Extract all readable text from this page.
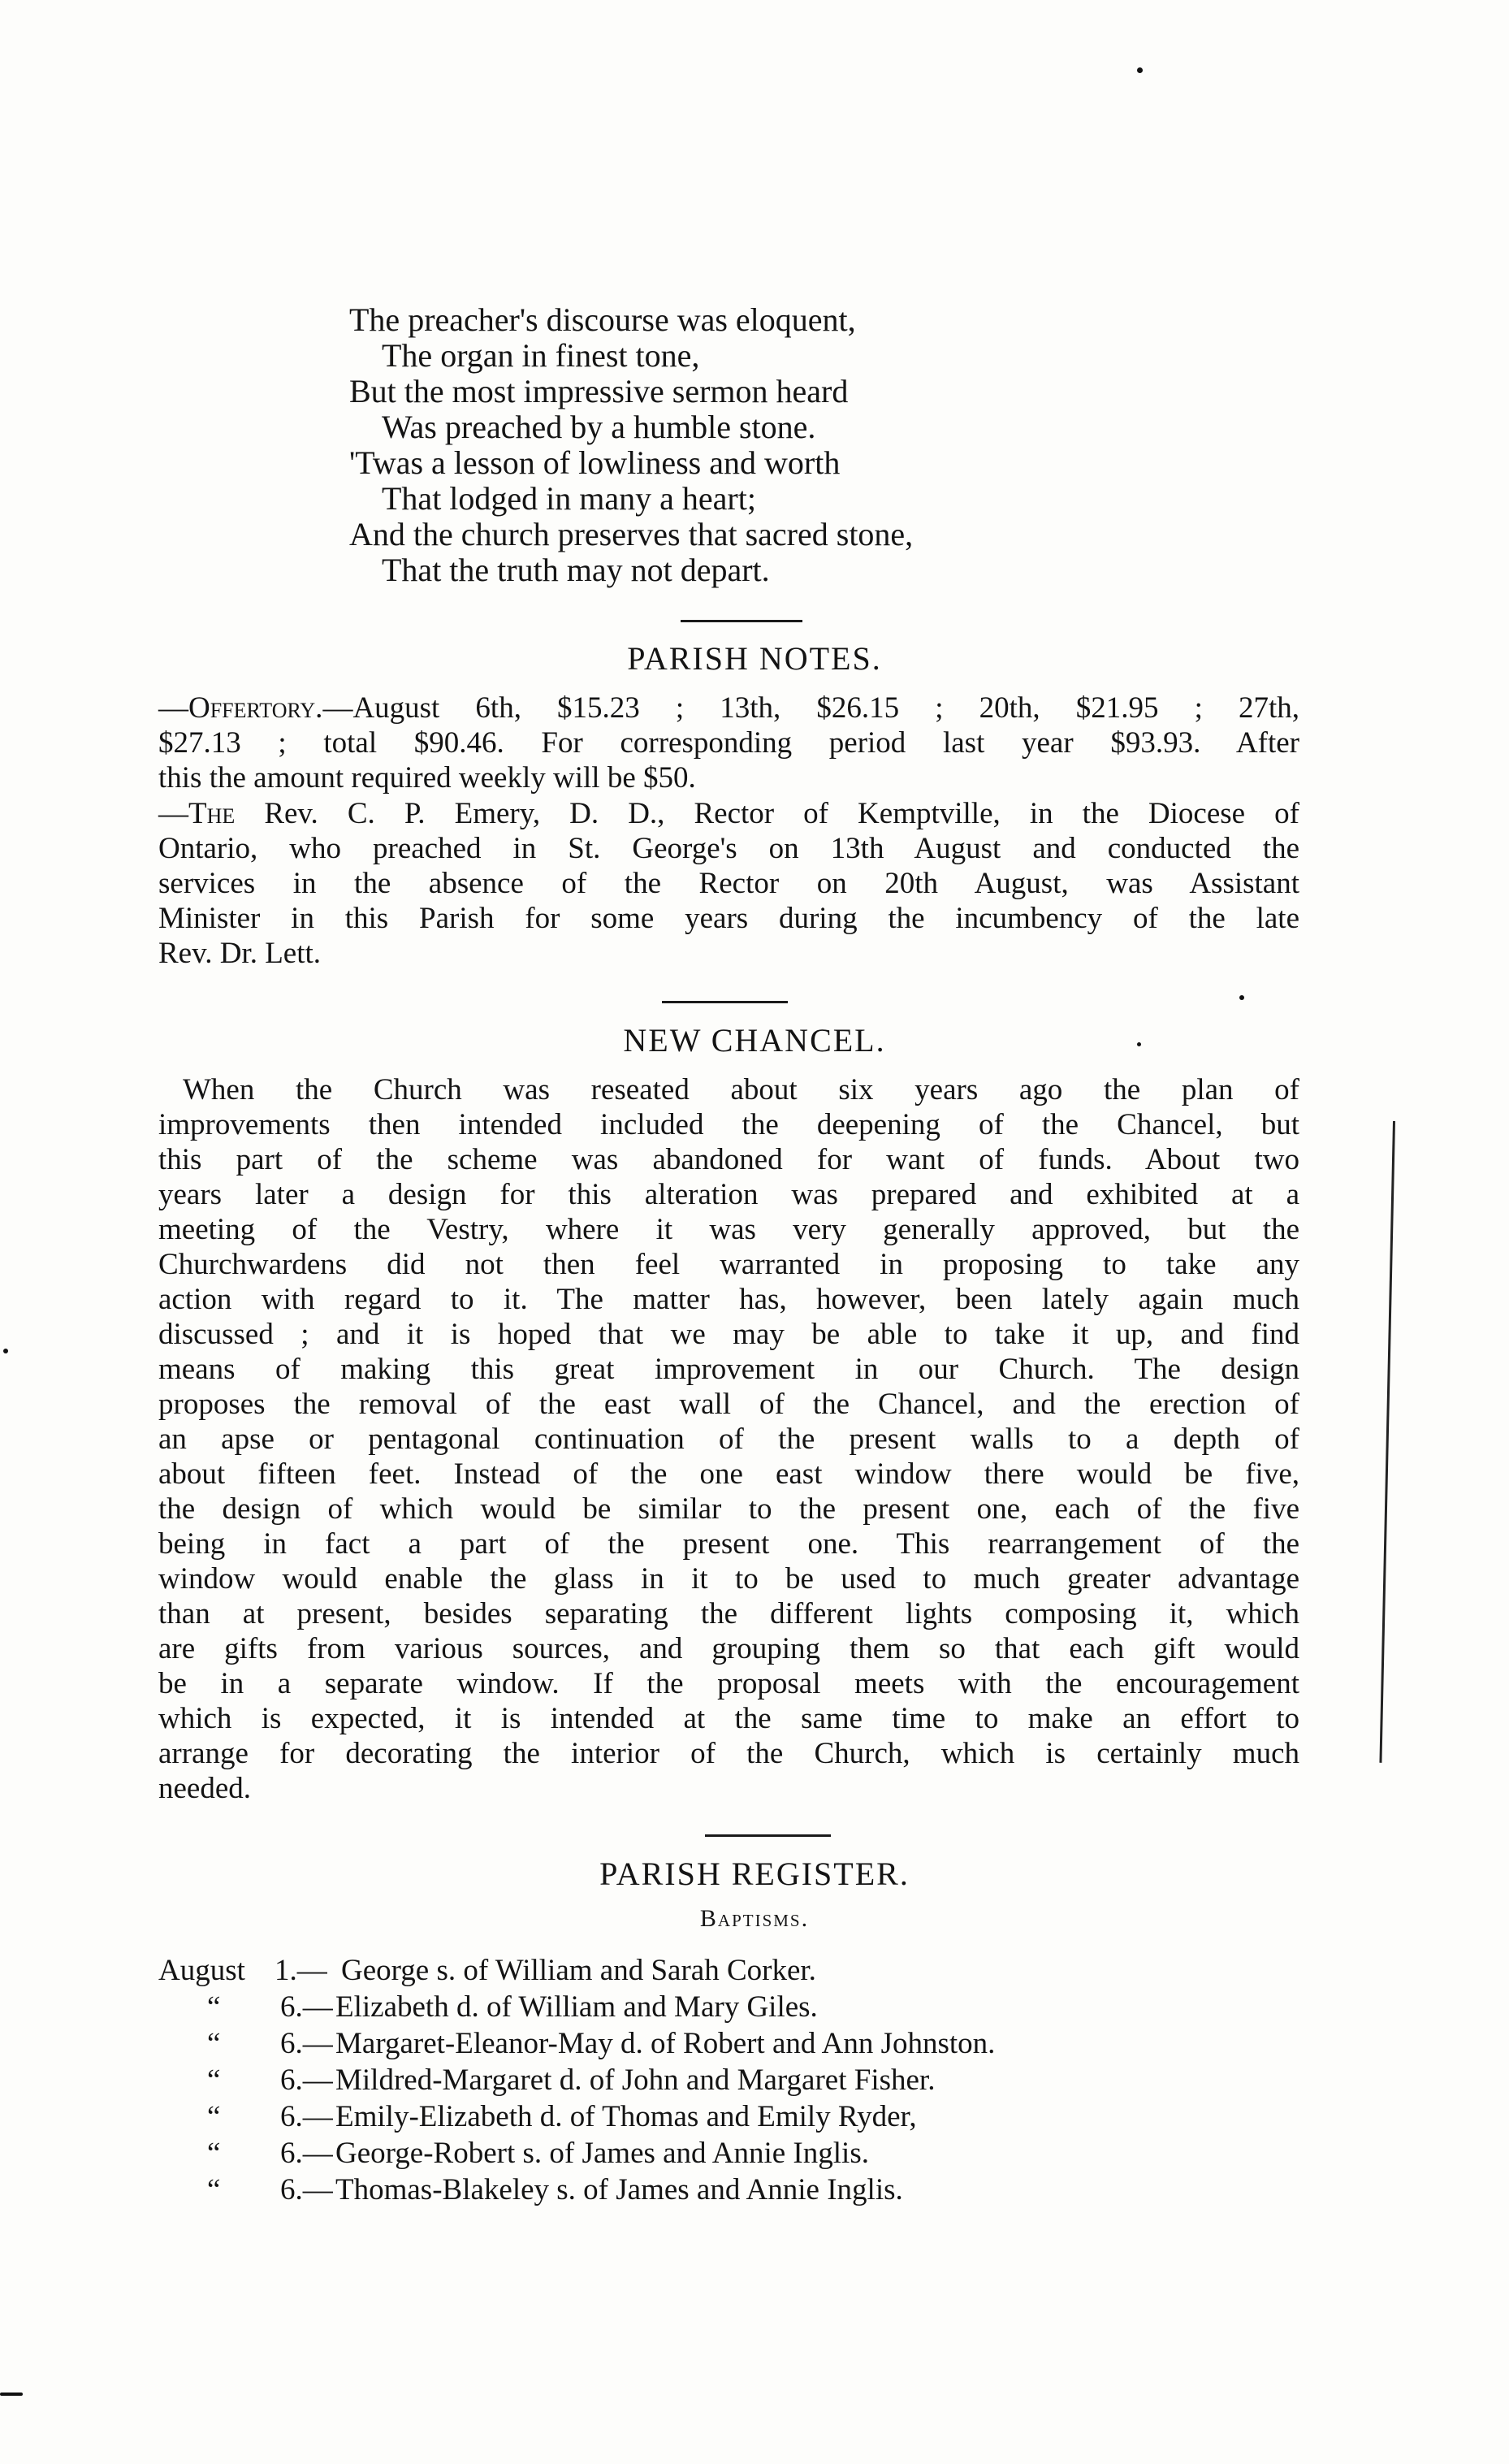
The preacher's discourse was eloquent,
The organ in finest tone,
But the most impressive sermon heard
Was preached by a humble stone.
'Twas a lesson of lowliness and worth
That lodged in many a heart;
And the church preserves that sacred stone,
That the truth may not depart.
PARISH NOTES.
—Offertory.—August 6th, $15.23 ; 13th, $26.15 ; 20th, $21.95 ; 27th,
$27.13 ; total $90.46. For corresponding period last year $93.93. After
this the amount required weekly will be $50.
—The Rev. C. P. Emery, D. D., Rector of Kemptville, in the Diocese of
Ontario, who preached in St. George's on 13th August and conducted the
services in the absence of the Rector on 20th August, was Assistant
Minister in this Parish for some years during the incumbency of the late
Rev. Dr. Lett.
NEW CHANCEL.
When the Church was reseated about six years ago the plan of
improvements then intended included the deepening of the Chancel, but
this part of the scheme was abandoned for want of funds. About two
years later a design for this alteration was prepared and exhibited at a
meeting of the Vestry, where it was very generally approved, but the
Churchwardens did not then feel warranted in proposing to take any
action with regard to it. The matter has, however, been lately again much
discussed ; and it is hoped that we may be able to take it up, and find
means of making this great improvement in our Church. The design
proposes the removal of the east wall of the Chancel, and the erection of
an apse or pentagonal continuation of the present walls to a depth of
about fifteen feet. Instead of the one east window there would be five,
the design of which would be similar to the present one, each of the five
being in fact a part of the present one. This rearrangement of the
window would enable the glass in it to be used to much greater advantage
than at present, besides separating the different lights composing it, which
are gifts from various sources, and grouping them so that each gift would
be in a separate window. If the proposal meets with the encouragement
which is expected, it is intended at the same time to make an effort to
arrange for decorating the interior of the Church, which is certainly much
needed.
PARISH REGISTER.
Baptisms.
August 1.— George s. of William and Sarah Corker.
“ 6.— Elizabeth d. of William and Mary Giles.
“ 6.— Margaret-Eleanor-May d. of Robert and Ann Johnston.
“ 6.— Mildred-Margaret d. of John and Margaret Fisher.
“ 6.— Emily-Elizabeth d. of Thomas and Emily Ryder,
“ 6.— George-Robert s. of James and Annie Inglis.
“ 6.— Thomas-Blakeley s. of James and Annie Inglis.
